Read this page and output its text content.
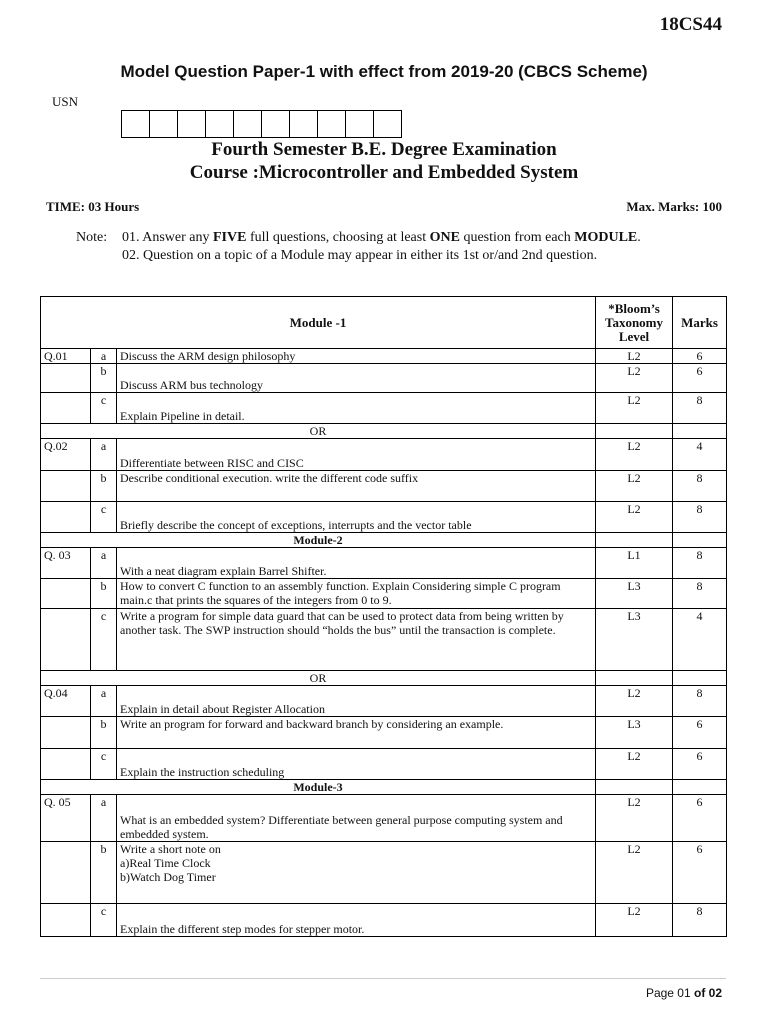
18CS44
Model Question Paper-1 with effect from 2019-20 (CBCS Scheme)
USN
Fourth Semester B.E. Degree Examination
Course :Microcontroller and Embedded System
TIME: 03 Hours	Max. Marks: 100
Note: 01. Answer any FIVE full questions, choosing at least ONE question from each MODULE.
02. Question on a topic of a Module may appear in either its 1st or/and 2nd question.
Module -1			*Bloom’s Taxonomy Level	Marks
Q.01	a	Discuss the ARM design philosophy	L2	6
	b	Discuss ARM bus technology	L2	6
	c	Explain Pipeline in detail.	L2	8
OR				
Q.02	a	Differentiate between RISC and CISC	L2	4
	b	Describe conditional execution. write the different code suffix	L2	8
	c	Briefly describe the concept of exceptions, interrupts and the vector table	L2	8
Module-2				
Q. 03	a	With a neat diagram explain Barrel Shifter.	L1	8
	b	How to convert C function to an assembly function. Explain Considering simple C program main.c that prints the squares of the integers from 0 to 9.	L3	8
	c	Write a program for simple data guard that can be used to protect data from being written by another task. The SWP instruction should “holds the bus” until the transaction is complete.	L3	4
OR				
Q.04	a	Explain in detail about Register Allocation	L2	8
	b	Write an program for forward and backward branch by considering an example.	L3	6
	c	Explain the instruction scheduling	L2	6
Module-3				
Q. 05	a	What is an embedded system? Differentiate between general purpose computing system and embedded system.	L2	6
	b	Write a short note on
a)Real Time Clock
b)Watch Dog Timer	L2	6
	c	Explain the different step modes for stepper motor.	L2	8
Page 01 of 02
